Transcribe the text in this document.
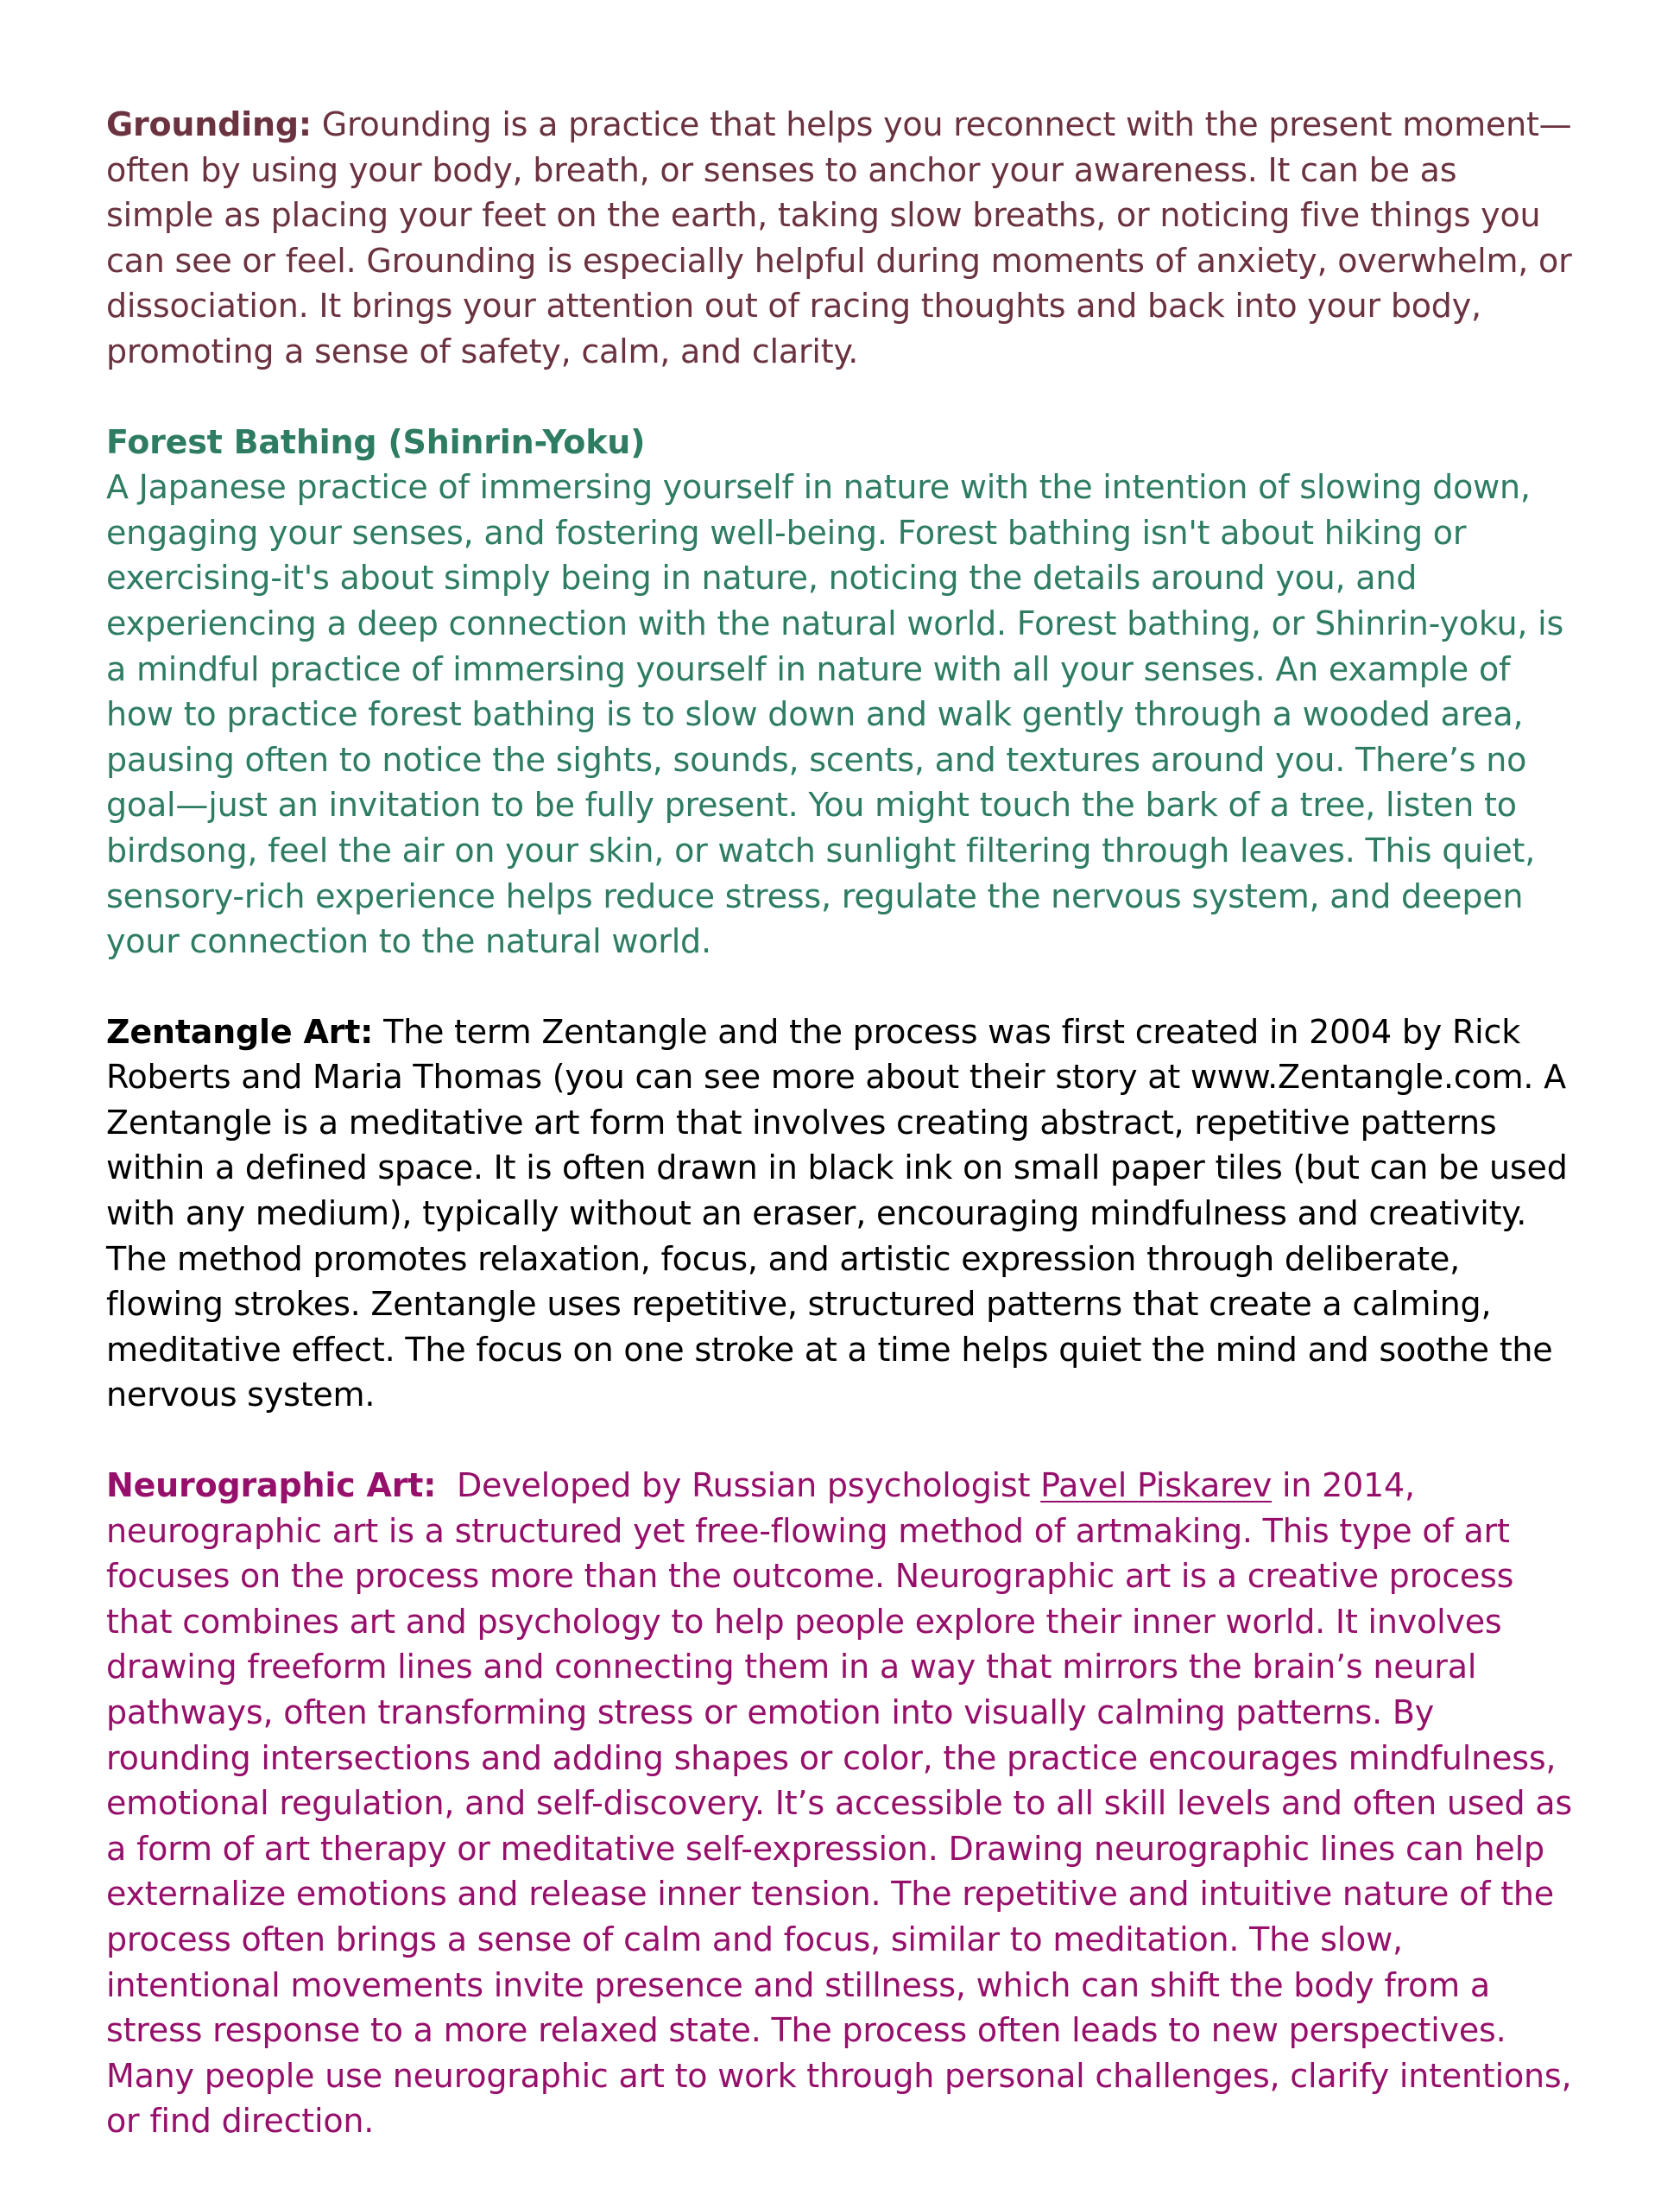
Grounding: Grounding is a practice that helps you reconnect with the present moment—often by using your body, breath, or senses to anchor your awareness. It can be as simple as placing your feet on the earth, taking slow breaths, or noticing five things you can see or feel. Grounding is especially helpful during moments of anxiety, overwhelm, or dissociation. It brings your attention out of racing thoughts and back into your body, promoting a sense of safety, calm, and clarity.

Forest Bathing (Shinrin-Yoku)

A Japanese practice of immersing yourself in nature with the intention of slowing down, engaging your senses, and fostering well-being. Forest bathing isn't about hiking or exercising-it's about simply being in nature, noticing the details around you, and experiencing a deep connection with the natural world. Forest bathing, or Shinrin-yoku, is a mindful practice of immersing yourself in nature with all your senses. An example of how to practice forest bathing is to slow down and walk gently through a wooded area, pausing often to notice the sights, sounds, scents, and textures around you. There’s no goal—just an invitation to be fully present. You might touch the bark of a tree, listen to birdsong, feel the air on your skin, or watch sunlight filtering through leaves. This quiet, sensory-rich experience helps reduce stress, regulate the nervous system, and deepen your connection to the natural world.

Zentangle Art: The term Zentangle and the process was first created in 2004 by Rick Roberts and Maria Thomas (you can see more about their story at www.Zentangle.com. A Zentangle is a meditative art form that involves creating abstract, repetitive patterns within a defined space. It is often drawn in black ink on small paper tiles (but can be used with any medium), typically without an eraser, encouraging mindfulness and creativity. The method promotes relaxation, focus, and artistic expression through deliberate, flowing strokes. Zentangle uses repetitive, structured patterns that create a calming, meditative effect. The focus on one stroke at a time helps quiet the mind and soothe the nervous system.

Neurographic Art:  Developed by Russian psychologist Pavel Piskarev in 2014, neurographic art is a structured yet free-flowing method of artmaking. This type of art focuses on the process more than the outcome. Neurographic art is a creative process that combines art and psychology to help people explore their inner world. It involves drawing freeform lines and connecting them in a way that mirrors the brain’s neural pathways, often transforming stress or emotion into visually calming patterns. By rounding intersections and adding shapes or color, the practice encourages mindfulness, emotional regulation, and self-discovery. It’s accessible to all skill levels and often used as a form of art therapy or meditative self-expression. Drawing neurographic lines can help externalize emotions and release inner tension. The repetitive and intuitive nature of the process often brings a sense of calm and focus, similar to meditation. The slow, intentional movements invite presence and stillness, which can shift the body from a stress response to a more relaxed state. The process often leads to new perspectives. Many people use neurographic art to work through personal challenges, clarify intentions, or find direction.
